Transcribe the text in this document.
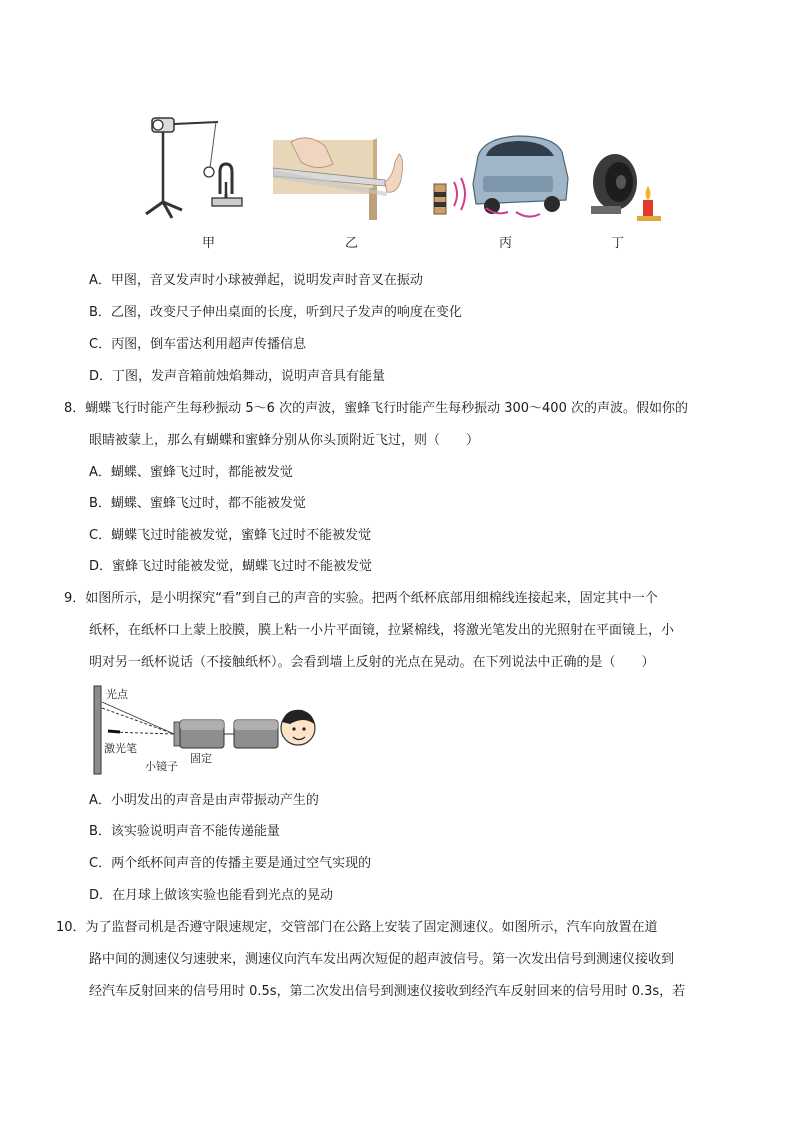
甲	乙	丙	丁
A．甲图，音叉发声时小球被弹起，说明发声时音叉在振动
B．乙图，改变尺子伸出桌面的长度，听到尺子发声的响度在变化
C．丙图，倒车雷达利用超声传播信息
D．丁图，发声音箱前烛焰舞动，说明声音具有能量
8．蝴蝶飞行时能产生每秒振动 5～6 次的声波，蜜蜂飞行时能产生每秒振动 300～400 次的声波。假如你的
眼睛被蒙上，那么有蝴蝶和蜜蜂分别从你头顶附近飞过，则（　　）
A．蝴蝶、蜜蜂飞过时，都能被发觉
B．蝴蝶、蜜蜂飞过时，都不能被发觉
C．蝴蝶飞过时能被发觉，蜜蜂飞过时不能被发觉
D．蜜蜂飞过时能被发觉，蝴蝶飞过时不能被发觉
9．如图所示，是小明探究“看”到自己的声音的实验。把两个纸杯底部用细棉线连接起来，固定其中一个
纸杯，在纸杯口上蒙上胶膜，膜上粘一小片平面镜，拉紧棉线，将激光笔发出的光照射在平面镜上，小
明对另一纸杯说话（不接触纸杯）。会看到墙上反射的光点在晃动。在下列说法中正确的是（　　）
光点
激光笔
小镜子
固定
A．小明发出的声音是由声带振动产生的
B．该实验说明声音不能传递能量
C．两个纸杯间声音的传播主要是通过空气实现的
D．在月球上做该实验也能看到光点的晃动
10．为了监督司机是否遵守限速规定，交管部门在公路上安装了固定测速仪。如图所示，汽车向放置在道
路中间的测速仪匀速驶来，测速仪向汽车发出两次短促的超声波信号。第一次发出信号到测速仪接收到
经汽车反射回来的信号用时 0.5s，第二次发出信号到测速仪接收到经汽车反射回来的信号用时 0.3s，若
